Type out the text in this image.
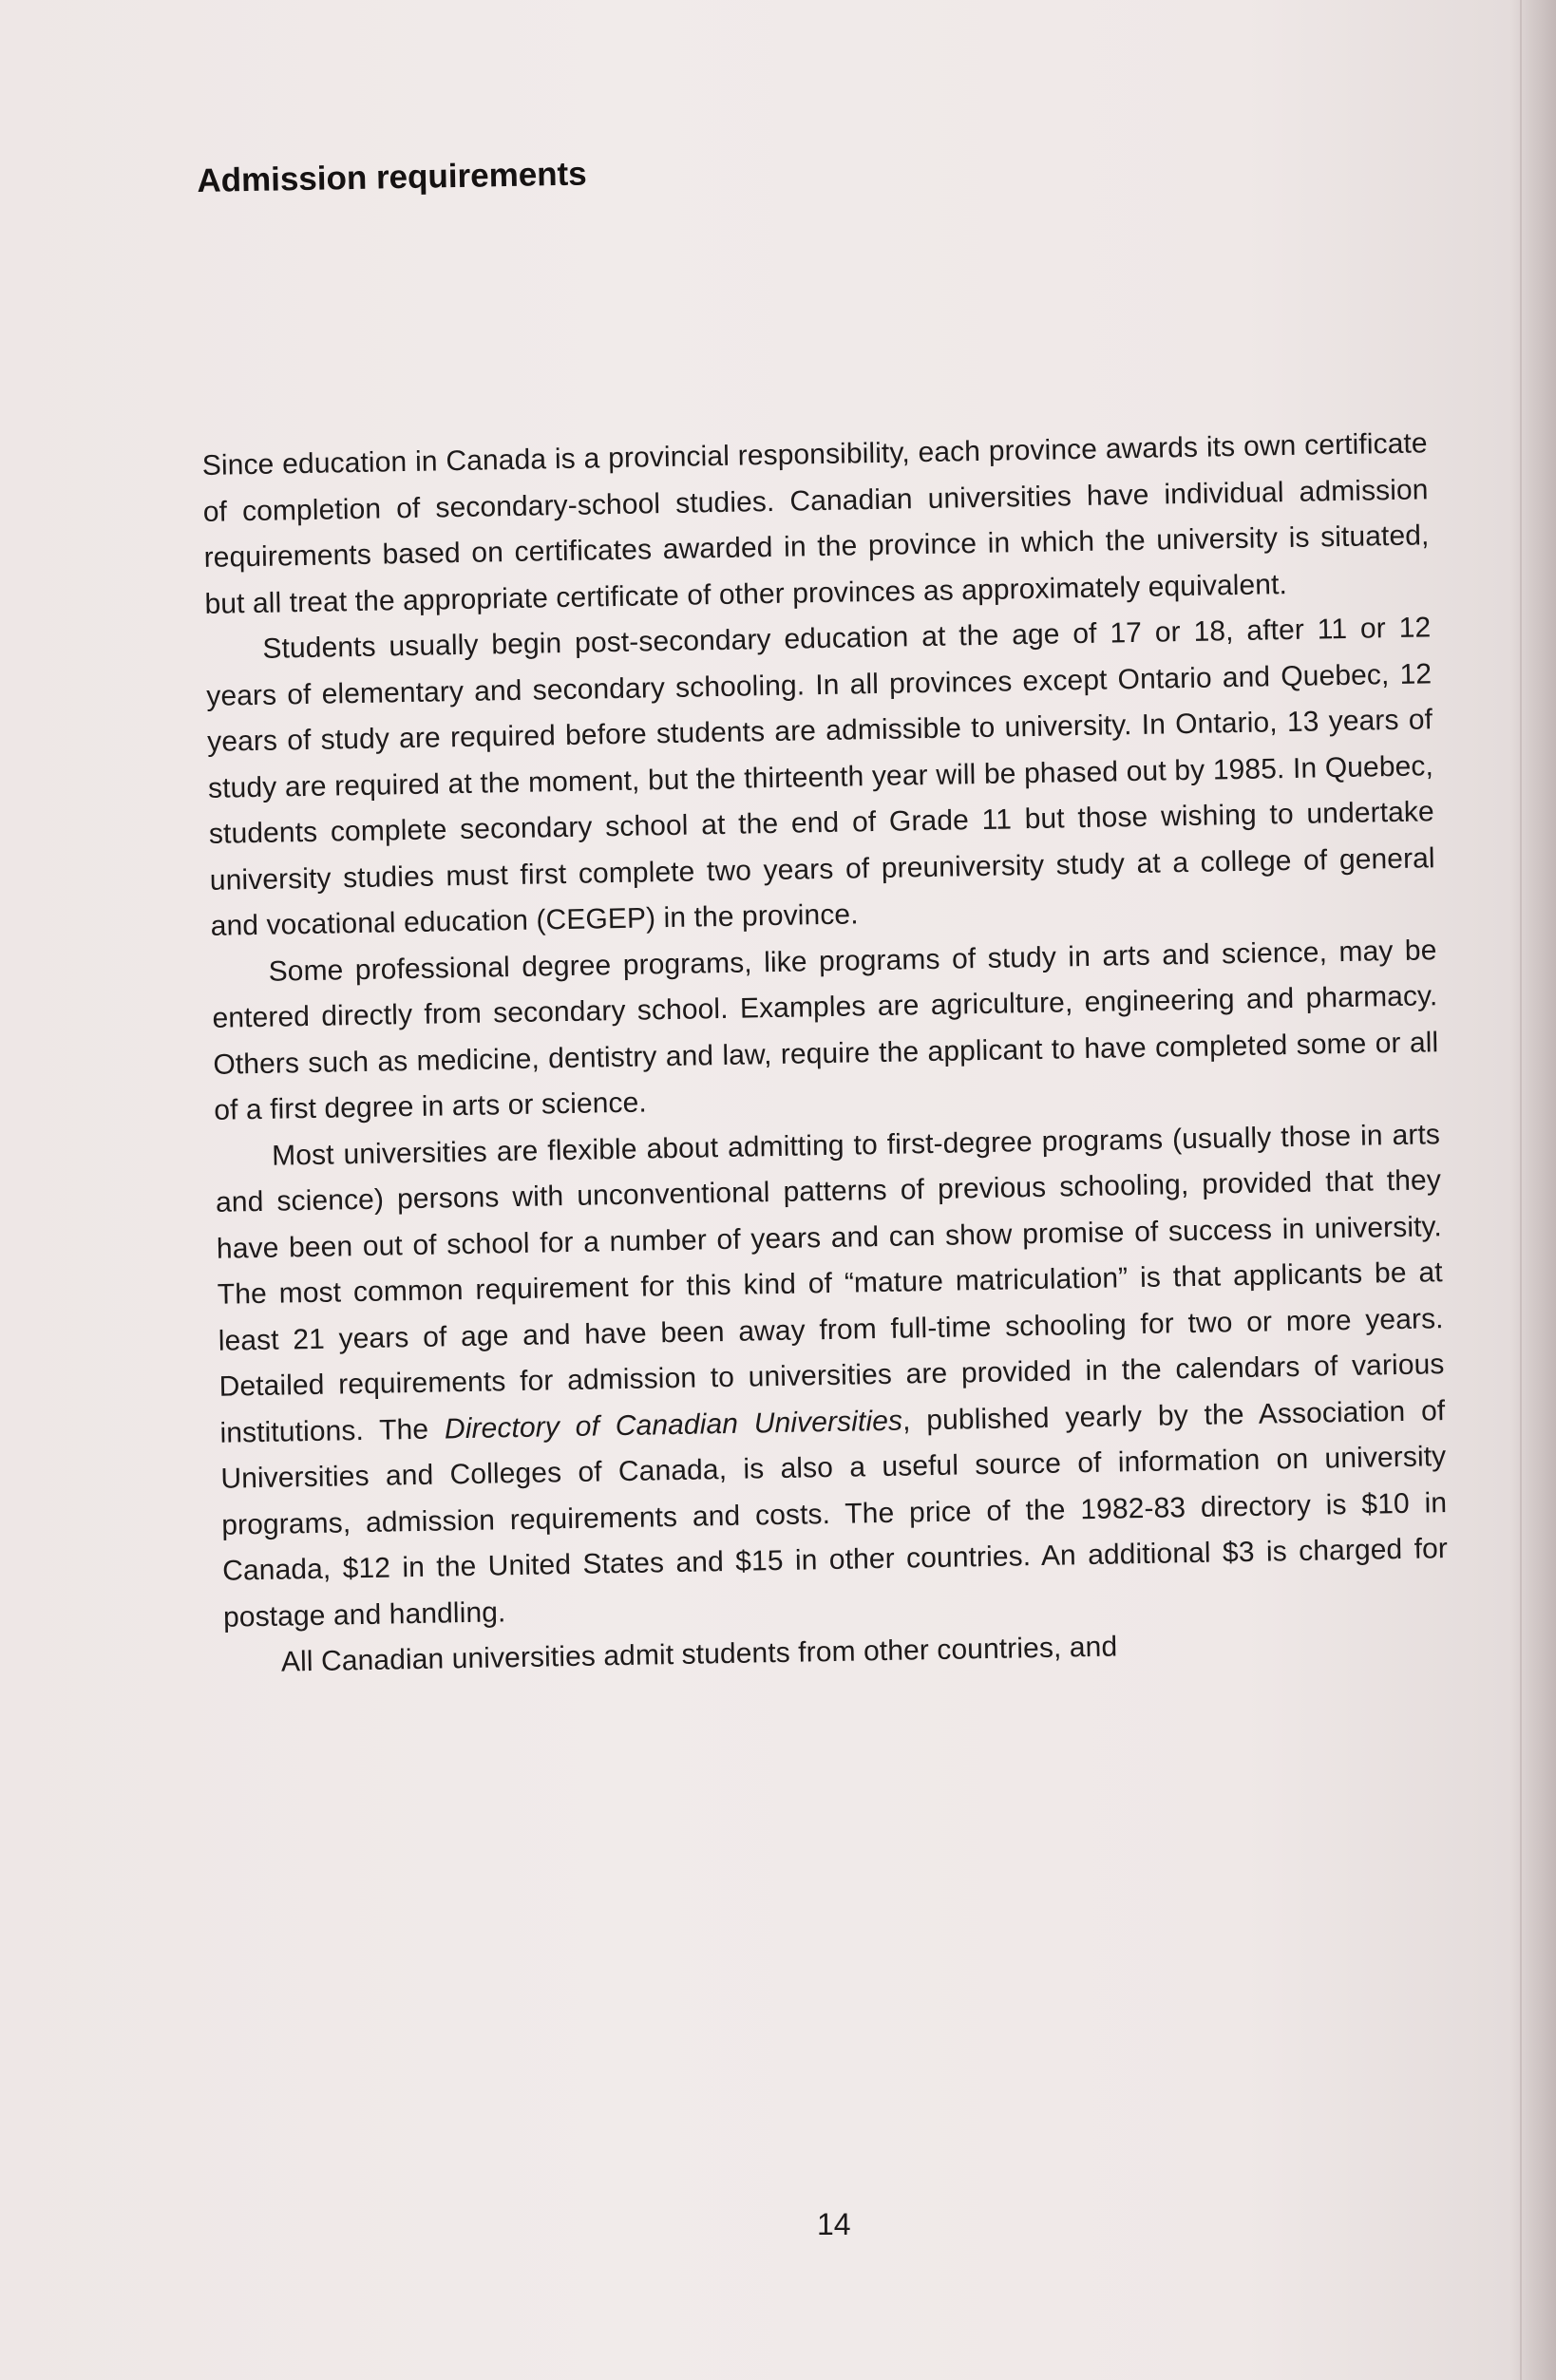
Admission requirements

Since education in Canada is a provincial responsibility, each province awards its own certificate of completion of secondary-school studies. Canadian universities have individual admission requirements based on certificates awarded in the province in which the university is situated, but all treat the appropriate certificate of other provinces as approximately equivalent.

Students usually begin post-secondary education at the age of 17 or 18, after 11 or 12 years of elementary and secondary schooling. In all provinces except Ontario and Quebec, 12 years of study are required before students are admissible to university. In Ontario, 13 years of study are required at the moment, but the thirteenth year will be phased out by 1985. In Quebec, students complete secondary school at the end of Grade 11 but those wishing to undertake university studies must first complete two years of preuniversity study at a college of general and vocational education (CEGEP) in the province.

Some professional degree programs, like programs of study in arts and science, may be entered directly from secondary school. Examples are agriculture, engineering and pharmacy. Others such as medicine, dentistry and law, require the applicant to have completed some or all of a first degree in arts or science.

Most universities are flexible about admitting to first-degree programs (usually those in arts and science) persons with unconventional patterns of previous schooling, provided that they have been out of school for a number of years and can show promise of success in university. The most common requirement for this kind of “mature matriculation” is that applicants be at least 21 years of age and have been away from full-time schooling for two or more years. Detailed requirements for admission to universities are provided in the calendars of various institutions. The Directory of Canadian Universities, published yearly by the Association of Universities and Colleges of Canada, is also a useful source of information on university programs, admission requirements and costs. The price of the 1982-83 directory is $10 in Canada, $12 in the United States and $15 in other countries. An additional $3 is charged for postage and handling.

All Canadian universities admit students from other countries, and

14
